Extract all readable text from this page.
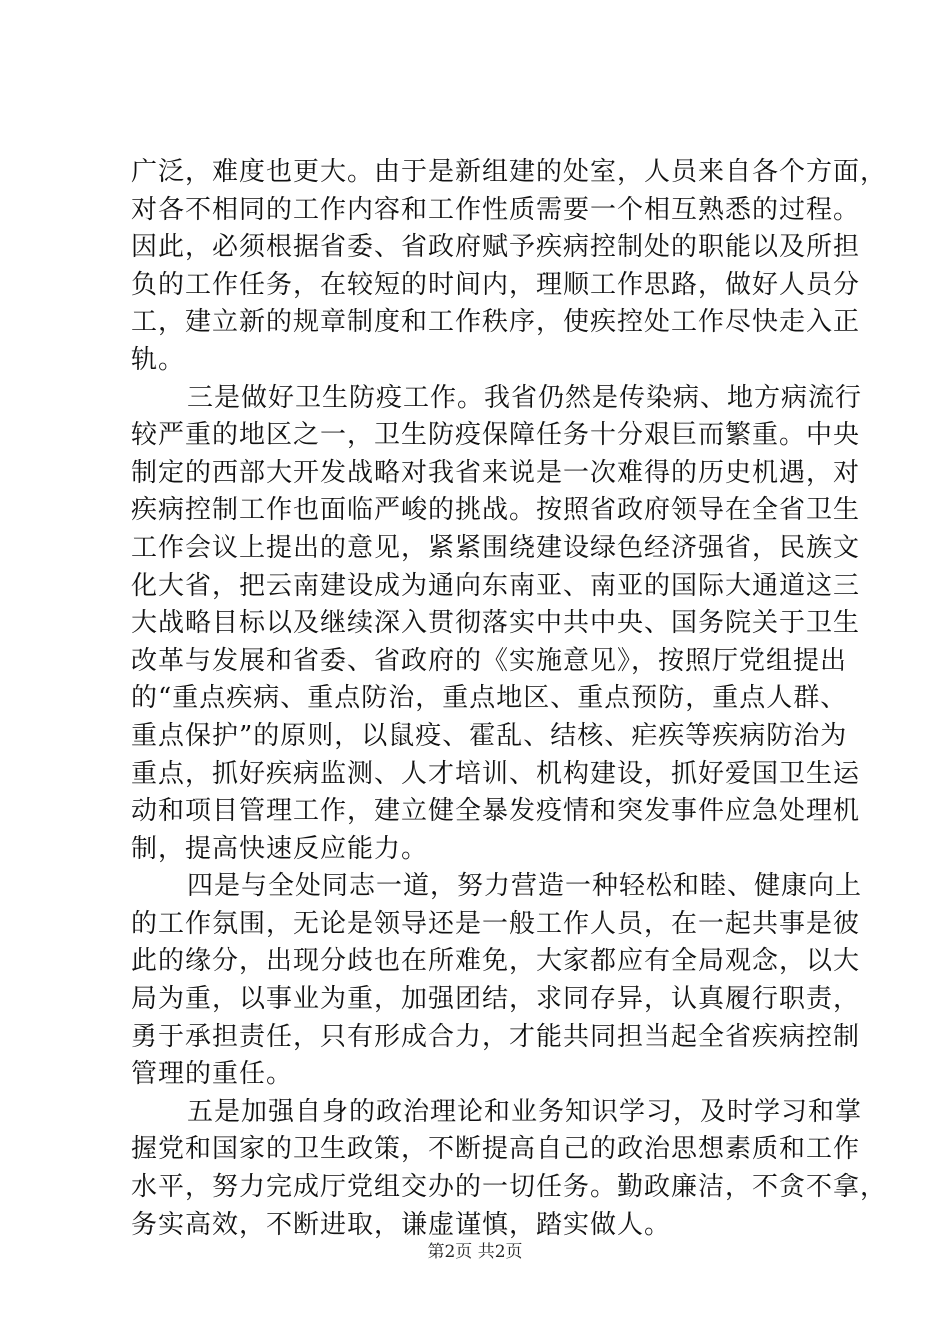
广泛，难度也更大。由于是新组建的处室，人员来自各个方面，
对各不相同的工作内容和工作性质需要一个相互熟悉的过程。
因此，必须根据省委、省政府赋予疾病控制处的职能以及所担
负的工作任务，在较短的时间内，理顺工作思路，做好人员分
工，建立新的规章制度和工作秩序，使疾控处工作尽快走入正
轨。
三是做好卫生防疫工作。我省仍然是传染病、地方病流行
较严重的地区之一，卫生防疫保障任务十分艰巨而繁重。中央
制定的西部大开发战略对我省来说是一次难得的历史机遇，对
疾病控制工作也面临严峻的挑战。按照省政府领导在全省卫生
工作会议上提出的意见，紧紧围绕建设绿色经济强省，民族文
化大省，把云南建设成为通向东南亚、南亚的国际大通道这三
大战略目标以及继续深入贯彻落实中共中央、国务院关于卫生
改革与发展和省委、省政府的《实施意见》，按照厅党组提出
的“重点疾病、重点防治，重点地区、重点预防，重点人群、
重点保护”的原则，以鼠疫、霍乱、结核、疟疾等疾病防治为
重点，抓好疾病监测、人才培训、机构建设，抓好爱国卫生运
动和项目管理工作，建立健全暴发疫情和突发事件应急处理机
制，提高快速反应能力。
四是与全处同志一道，努力营造一种轻松和睦、健康向上
的工作氛围，无论是领导还是一般工作人员，在一起共事是彼
此的缘分，出现分歧也在所难免，大家都应有全局观念，以大
局为重，以事业为重，加强团结，求同存异，认真履行职责，
勇于承担责任，只有形成合力，才能共同担当起全省疾病控制
管理的重任。
五是加强自身的政治理论和业务知识学习，及时学习和掌
握党和国家的卫生政策，不断提高自己的政治思想素质和工作
水平，努力完成厅党组交办的一切任务。勤政廉洁，不贪不拿，
务实高效，不断进取，谦虚谨慎，踏实做人。
第2页 共2页
